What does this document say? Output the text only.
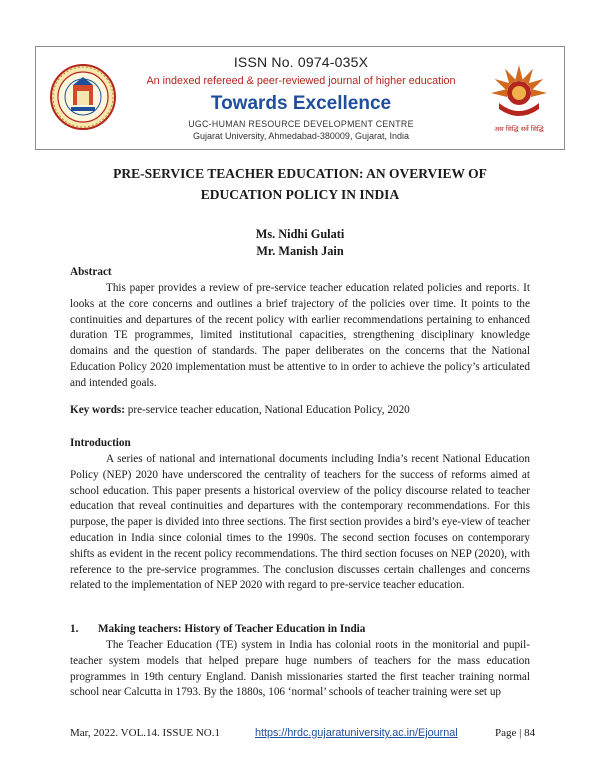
ISSN No. 0974-035X
An indexed refereed & peer-reviewed journal of higher education
Towards Excellence
UGC-HUMAN RESOURCE DEVELOPMENT CENTRE
Gujarat University, Ahmedabad-380009, Gujarat, India
अस सिद्धि सर्वे सिद्धि
PRE-SERVICE TEACHER EDUCATION: AN OVERVIEW OF
EDUCATION POLICY IN INDIA
Ms. Nidhi Gulati
Mr. Manish Jain
Abstract

This paper provides a review of pre-service teacher education related policies and reports. It looks at the core concerns and outlines a brief trajectory of the policies over time. It points to the continuities and departures of the recent policy with earlier recommendations pertaining to enhanced duration TE programmes, limited institutional capacities, strengthening disciplinary knowledge domains and the question of standards. The paper deliberates on the concerns that the National Education Policy 2020 implementation must be attentive to in order to achieve the policy’s articulated and intended goals.

Key words: pre-service teacher education, National Education Policy, 2020
Introduction

A series of national and international documents including India’s recent National Education Policy (NEP) 2020 have underscored the centrality of teachers for the success of reforms aimed at school education. This paper presents a historical overview of the policy discourse related to teacher education that reveal continuities and departures with the contemporary recommendations. For this purpose, the paper is divided into three sections. The first section provides a bird’s eye-view of teacher education in India since colonial times to the 1990s. The second section focuses on contemporary shifts as evident in the recent policy recommendations. The third section focuses on NEP (2020), with reference to the pre-service programmes. The conclusion discusses certain challenges and concerns related to the implementation of NEP 2020 with regard to pre-service teacher education.

1. Making teachers: History of Teacher Education in India

The Teacher Education (TE) system in India has colonial roots in the monitorial and pupil-teacher system models that helped prepare huge numbers of teachers for the mass education programmes in 19th century England. Danish missionaries started the first teacher training normal school near Calcutta in 1793. By the 1880s, 106 ‘normal’ schools of teacher training were set up

Mar, 2022. VOL.14. ISSUE NO.1	https://hrdc.gujaratuniversity.ac.in/Ejournal	Page | 84
